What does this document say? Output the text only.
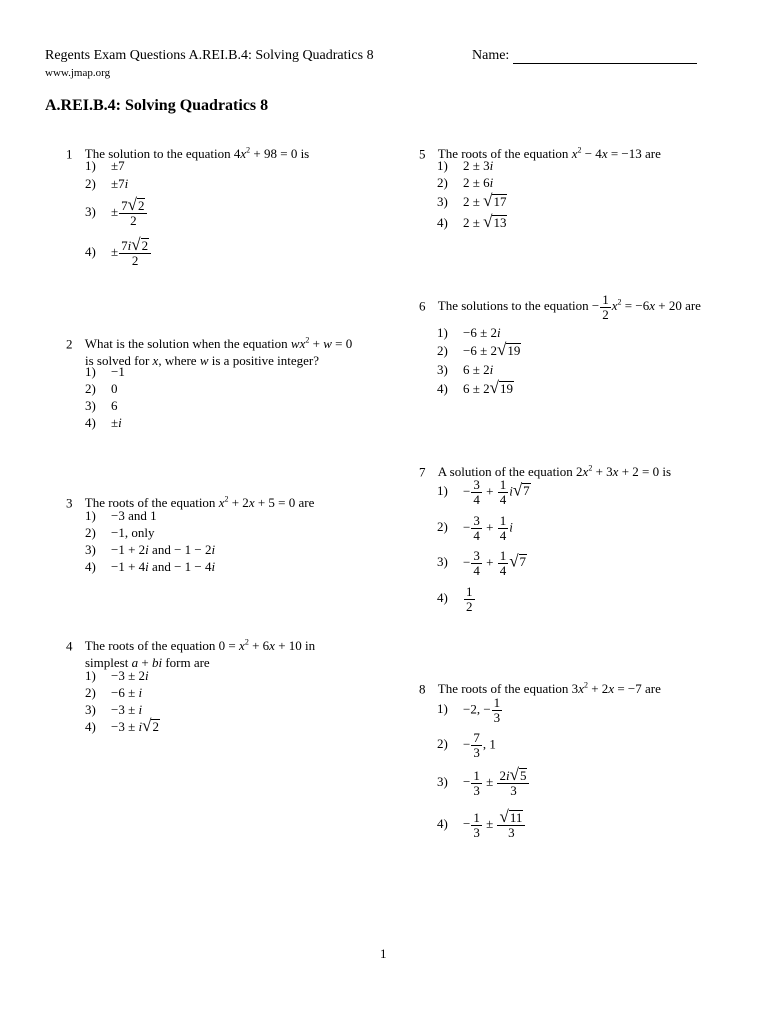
Regents Exam Questions A.REI.B.4: Solving Quadratics 8	Name:
www.jmap.org
A.REI.B.4: Solving Quadratics 8
1 The solution to the equation $4x^2 + 98 = 0$ is
1) ±7
2) ±7i
$3) \pm \frac{7√2}{2}$
$4) \pm \frac{7i√2}{2}$
2 What is the solution when the equation $wx^2 + w = 0$
is solved for x, where w is a positive integer?
1) −1
2) 0
3) 6
4) ±i
3 The roots of the equation $x^2 + 2x + 5 = 0$ are
1) −3 and 1
2) −1, only
3) −1 + 2i and − 1 − 2i
4) −1 + 4i and − 1 − 4i
4 The roots of the equation $0 = x^2 + 6x + 10$ in
simplest a + bi form are
1) −3 ± 2i
2) −6 ± i
3) −3 ± i
4) −3 ± i√2
5 The roots of the equation $x^2 - 4x = -13$ are
1) 2 ± 3i
2) 2 ± 6i
3) 2 ± √17
4) 2 ± √13
6 The solutions to the equation − $\frac{1}{2} x^2 = -6x + 20$ are
1) −6 ± 2i
2) −6 ± 2√19
3) 6 ± 2i
4) 6 ± 2√19
7 A solution of the equation $2x^2 + 3x + 2 = 0$ is
$1) - \frac{3}{4} + \frac{1}{4} i√7$
$2) - \frac{3}{4} + \frac{1}{4}$ i
$3) - \frac{3}{4} + \frac{1}{4} √7$
$4) \frac{1}{2}$
8 The roots of the equation $3x^2 + 2x = -7$ are
1) −2, − $\frac{1}{3}$
$2) - \frac{7}{3}$ , 1
$3) - \frac{1}{3} \pm \frac{2i√5}{3}$
$4) - \frac{1}{3} \pm \frac{√11}{3}$
1
